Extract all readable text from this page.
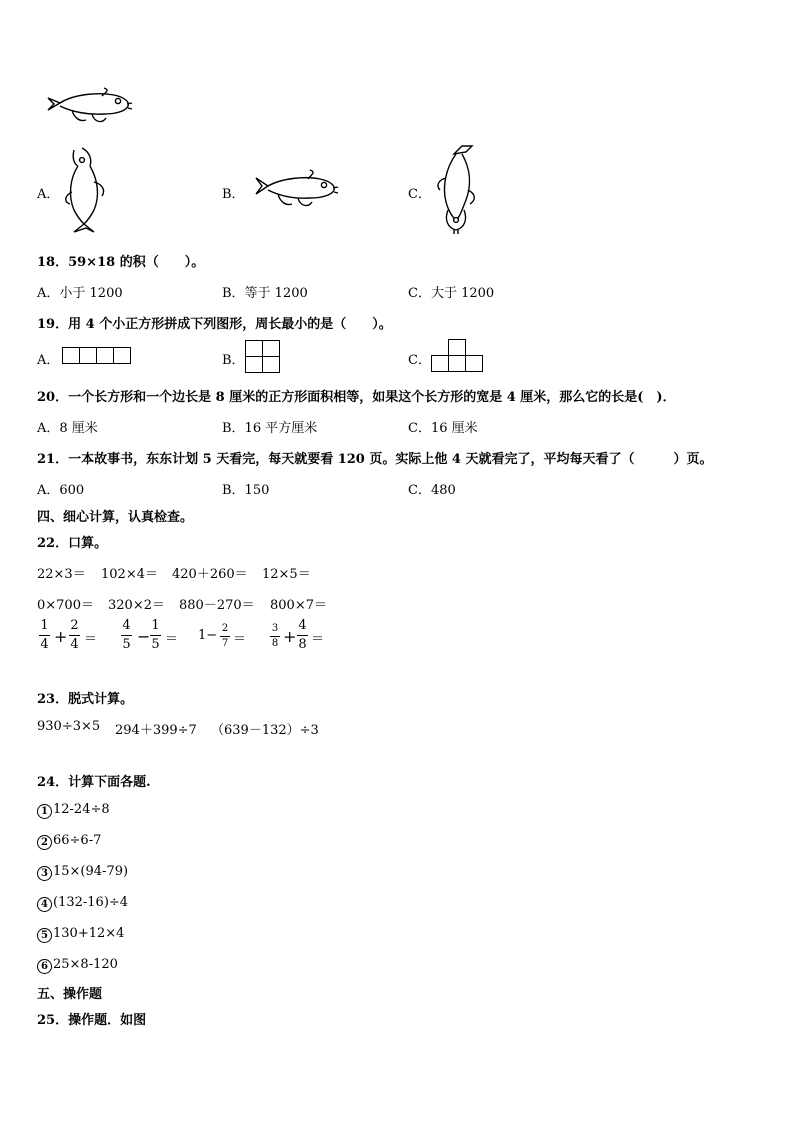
A．	B．	C．
18．59×18 的积（　　）。
A．小于 1200	B．等于 1200	C．大于 1200
19．用 4 个小正方形拼成下列图形，周长最小的是（　　）。
A．	B．	C．
20．一个长方形和一个边长是 8 厘米的正方形面积相等，如果这个长方形的宽是 4 厘米，那么它的长是(　)．
A．8 厘米	B．16 平方厘米	C．16 厘米
21．一本故事书，东东计划 5 天看完，每天就要看 120 页。实际上他 4 天就看完了，平均每天看了（　　　）页。
A．600	B．150	C．480
四、细心计算，认真检查。
22．口算。
22×3＝ 102×4＝ 420＋260＝ 12×5＝
0×700＝ 320×2＝ 880－270＝ 800×7＝
1
4 +
2
4 ＝
4
5 −
1
5 ＝ 1− 2
7 ＝
3
8 +
4
8 ＝
23．脱式计算。
930÷3×5 294＋399÷7 （639－132）÷3
24．计算下面各题.
1 12-24÷8
2 66÷6-7
3 15×(94-79)
4 (132-16)÷4
5 130+12×4
6 25×8-120
五、操作题
25．操作题．如图
